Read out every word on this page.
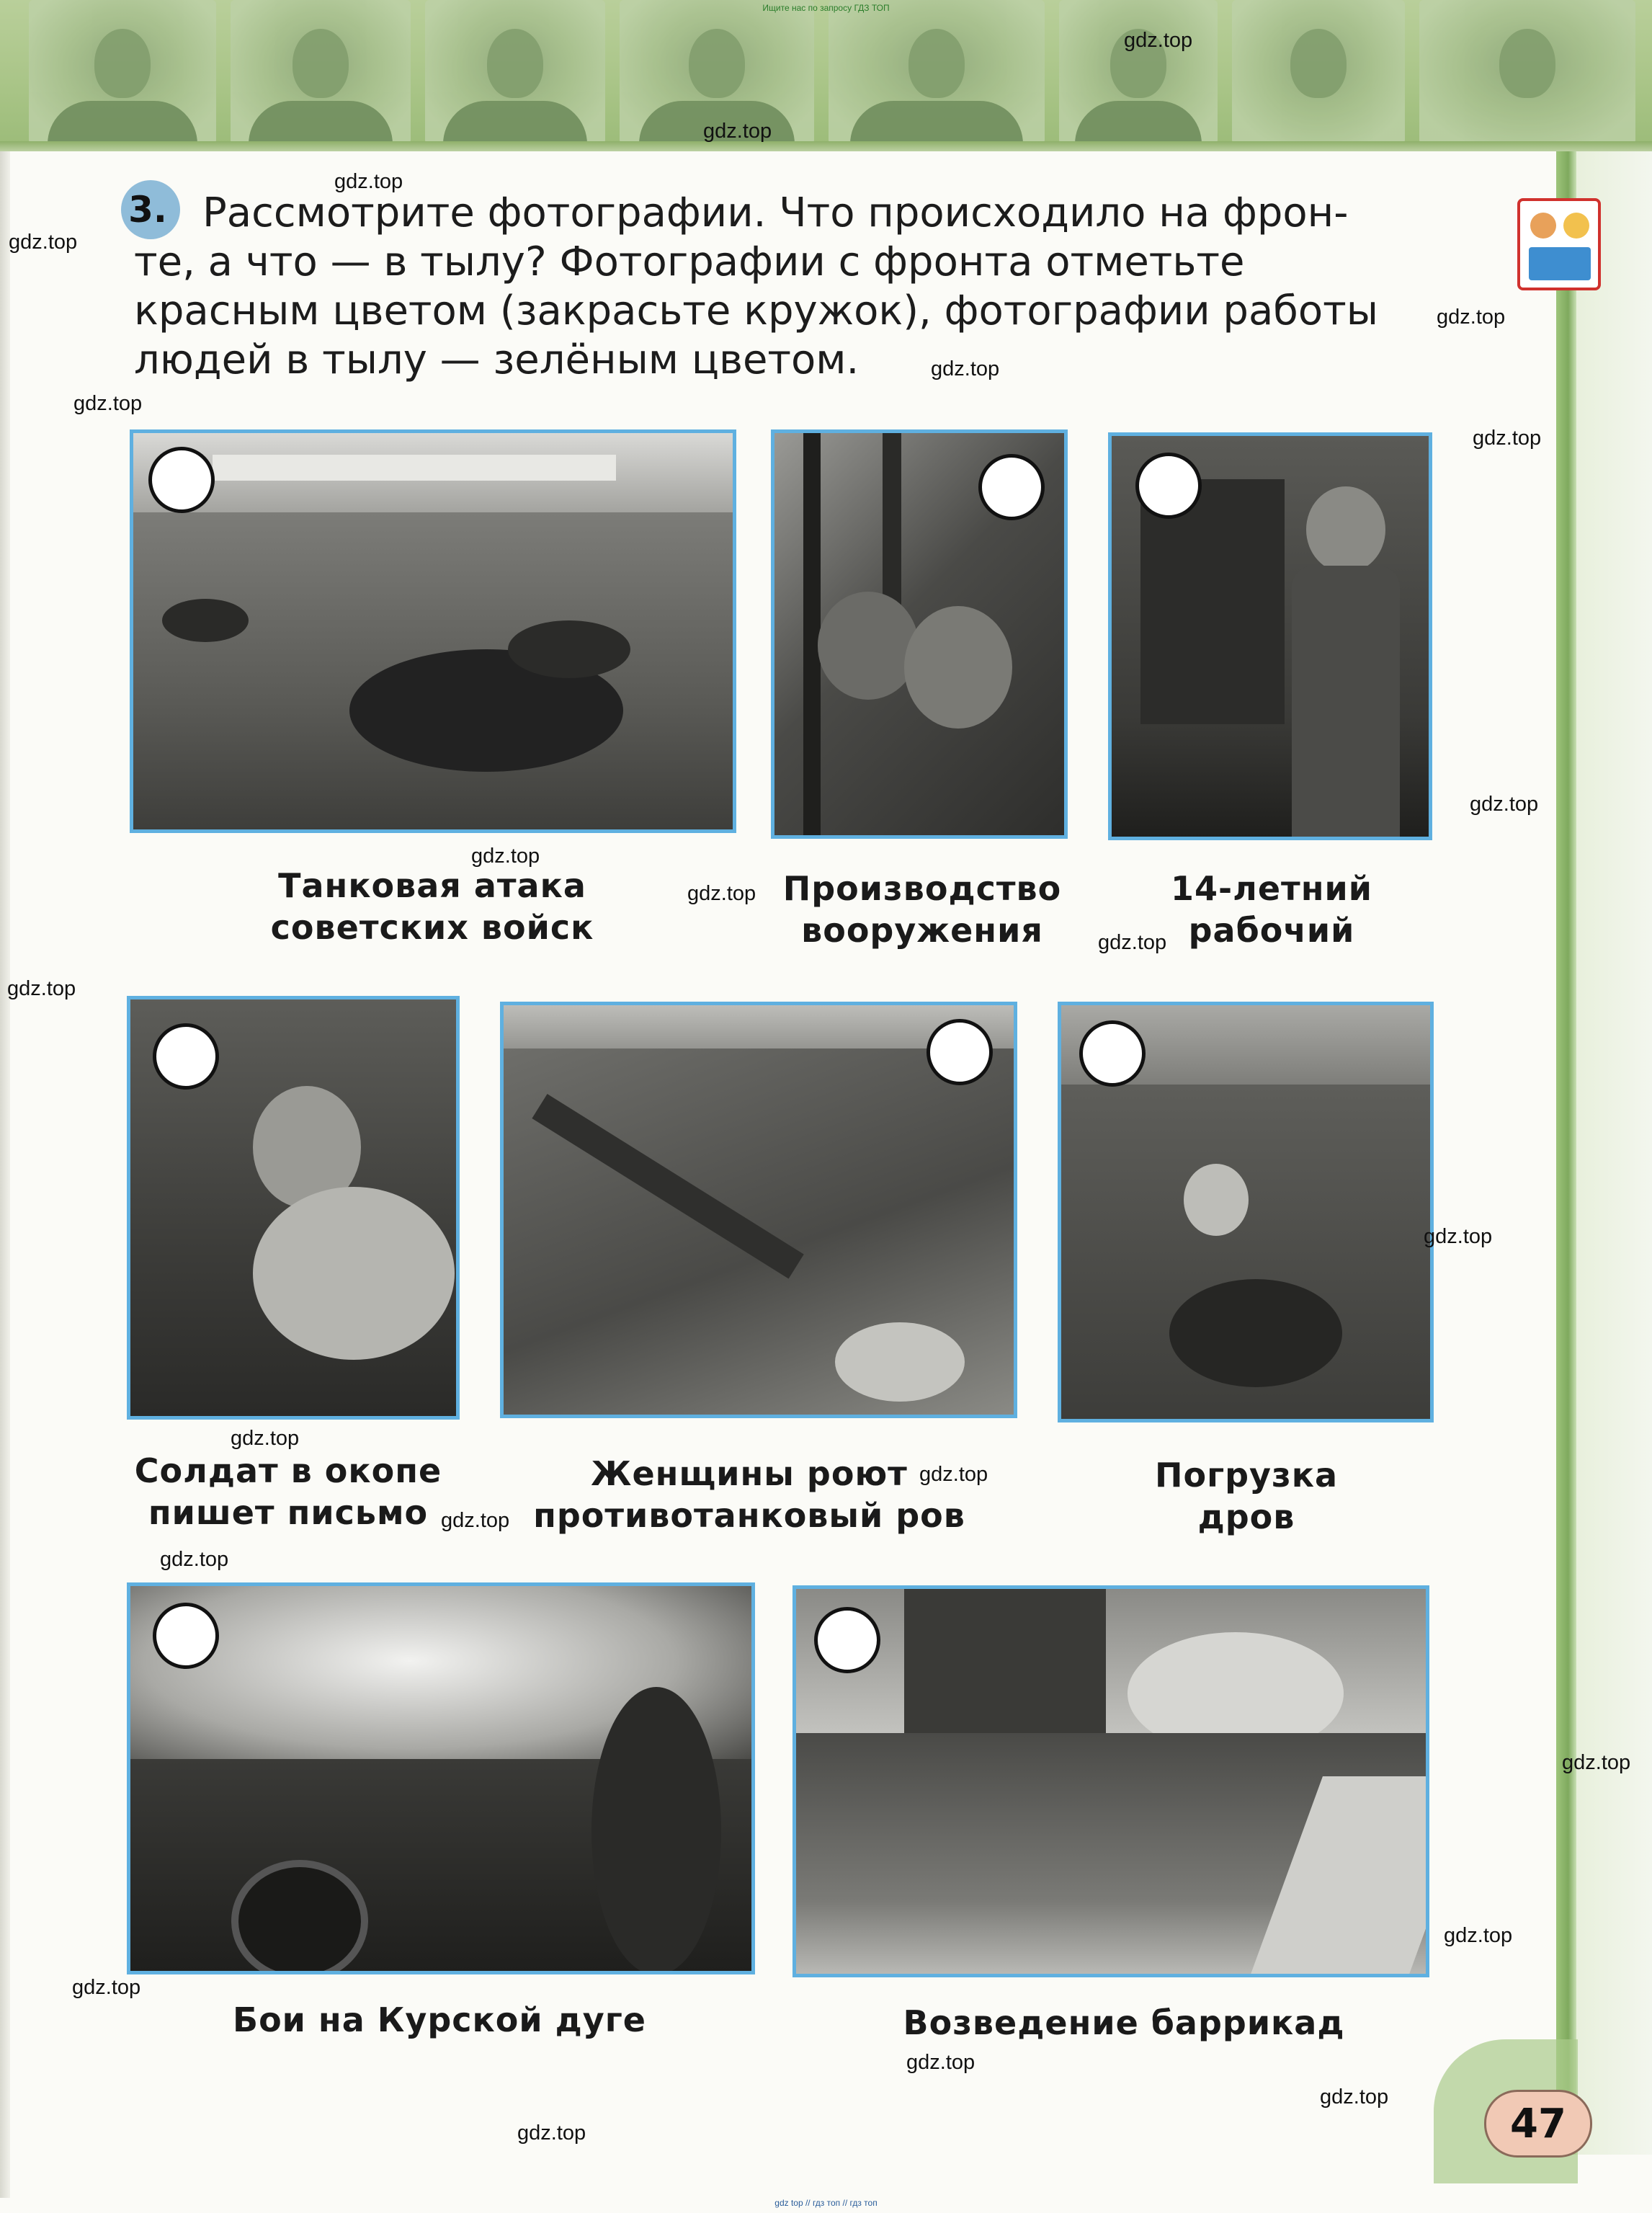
Ищите нас по запросу ГДЗ ТОП
3. Рассмотрите фотографии. Что происходило на фрон-
те, а что — в тылу? Фотографии с фронта отметьте
красным цветом (закрасьте кружок), фотографии работы
людей в тылу — зелёным цветом.
Танковая атака
советских войск
Производство
вооружения
14-летний
рабочий
Солдат в окопе
пишет письмо
Женщины роют
противотанковый ров
Погрузка
дров
Бои на Курской дуге	Возведение баррикад
gdz.top
gdz.top
gdz.top
gdz.top
gdz.top
gdz.top
gdz.top
gdz.top
gdz.top
gdz.top
gdz.top
gdz.top
gdz.top
gdz.top
gdz.top
gdz.top
gdz.top
gdz.top
gdz.top
gdz.top
gdz.top
gdz.top
gdz.top
gdz.top	47
gdz top // гдз топ // гдз топ
